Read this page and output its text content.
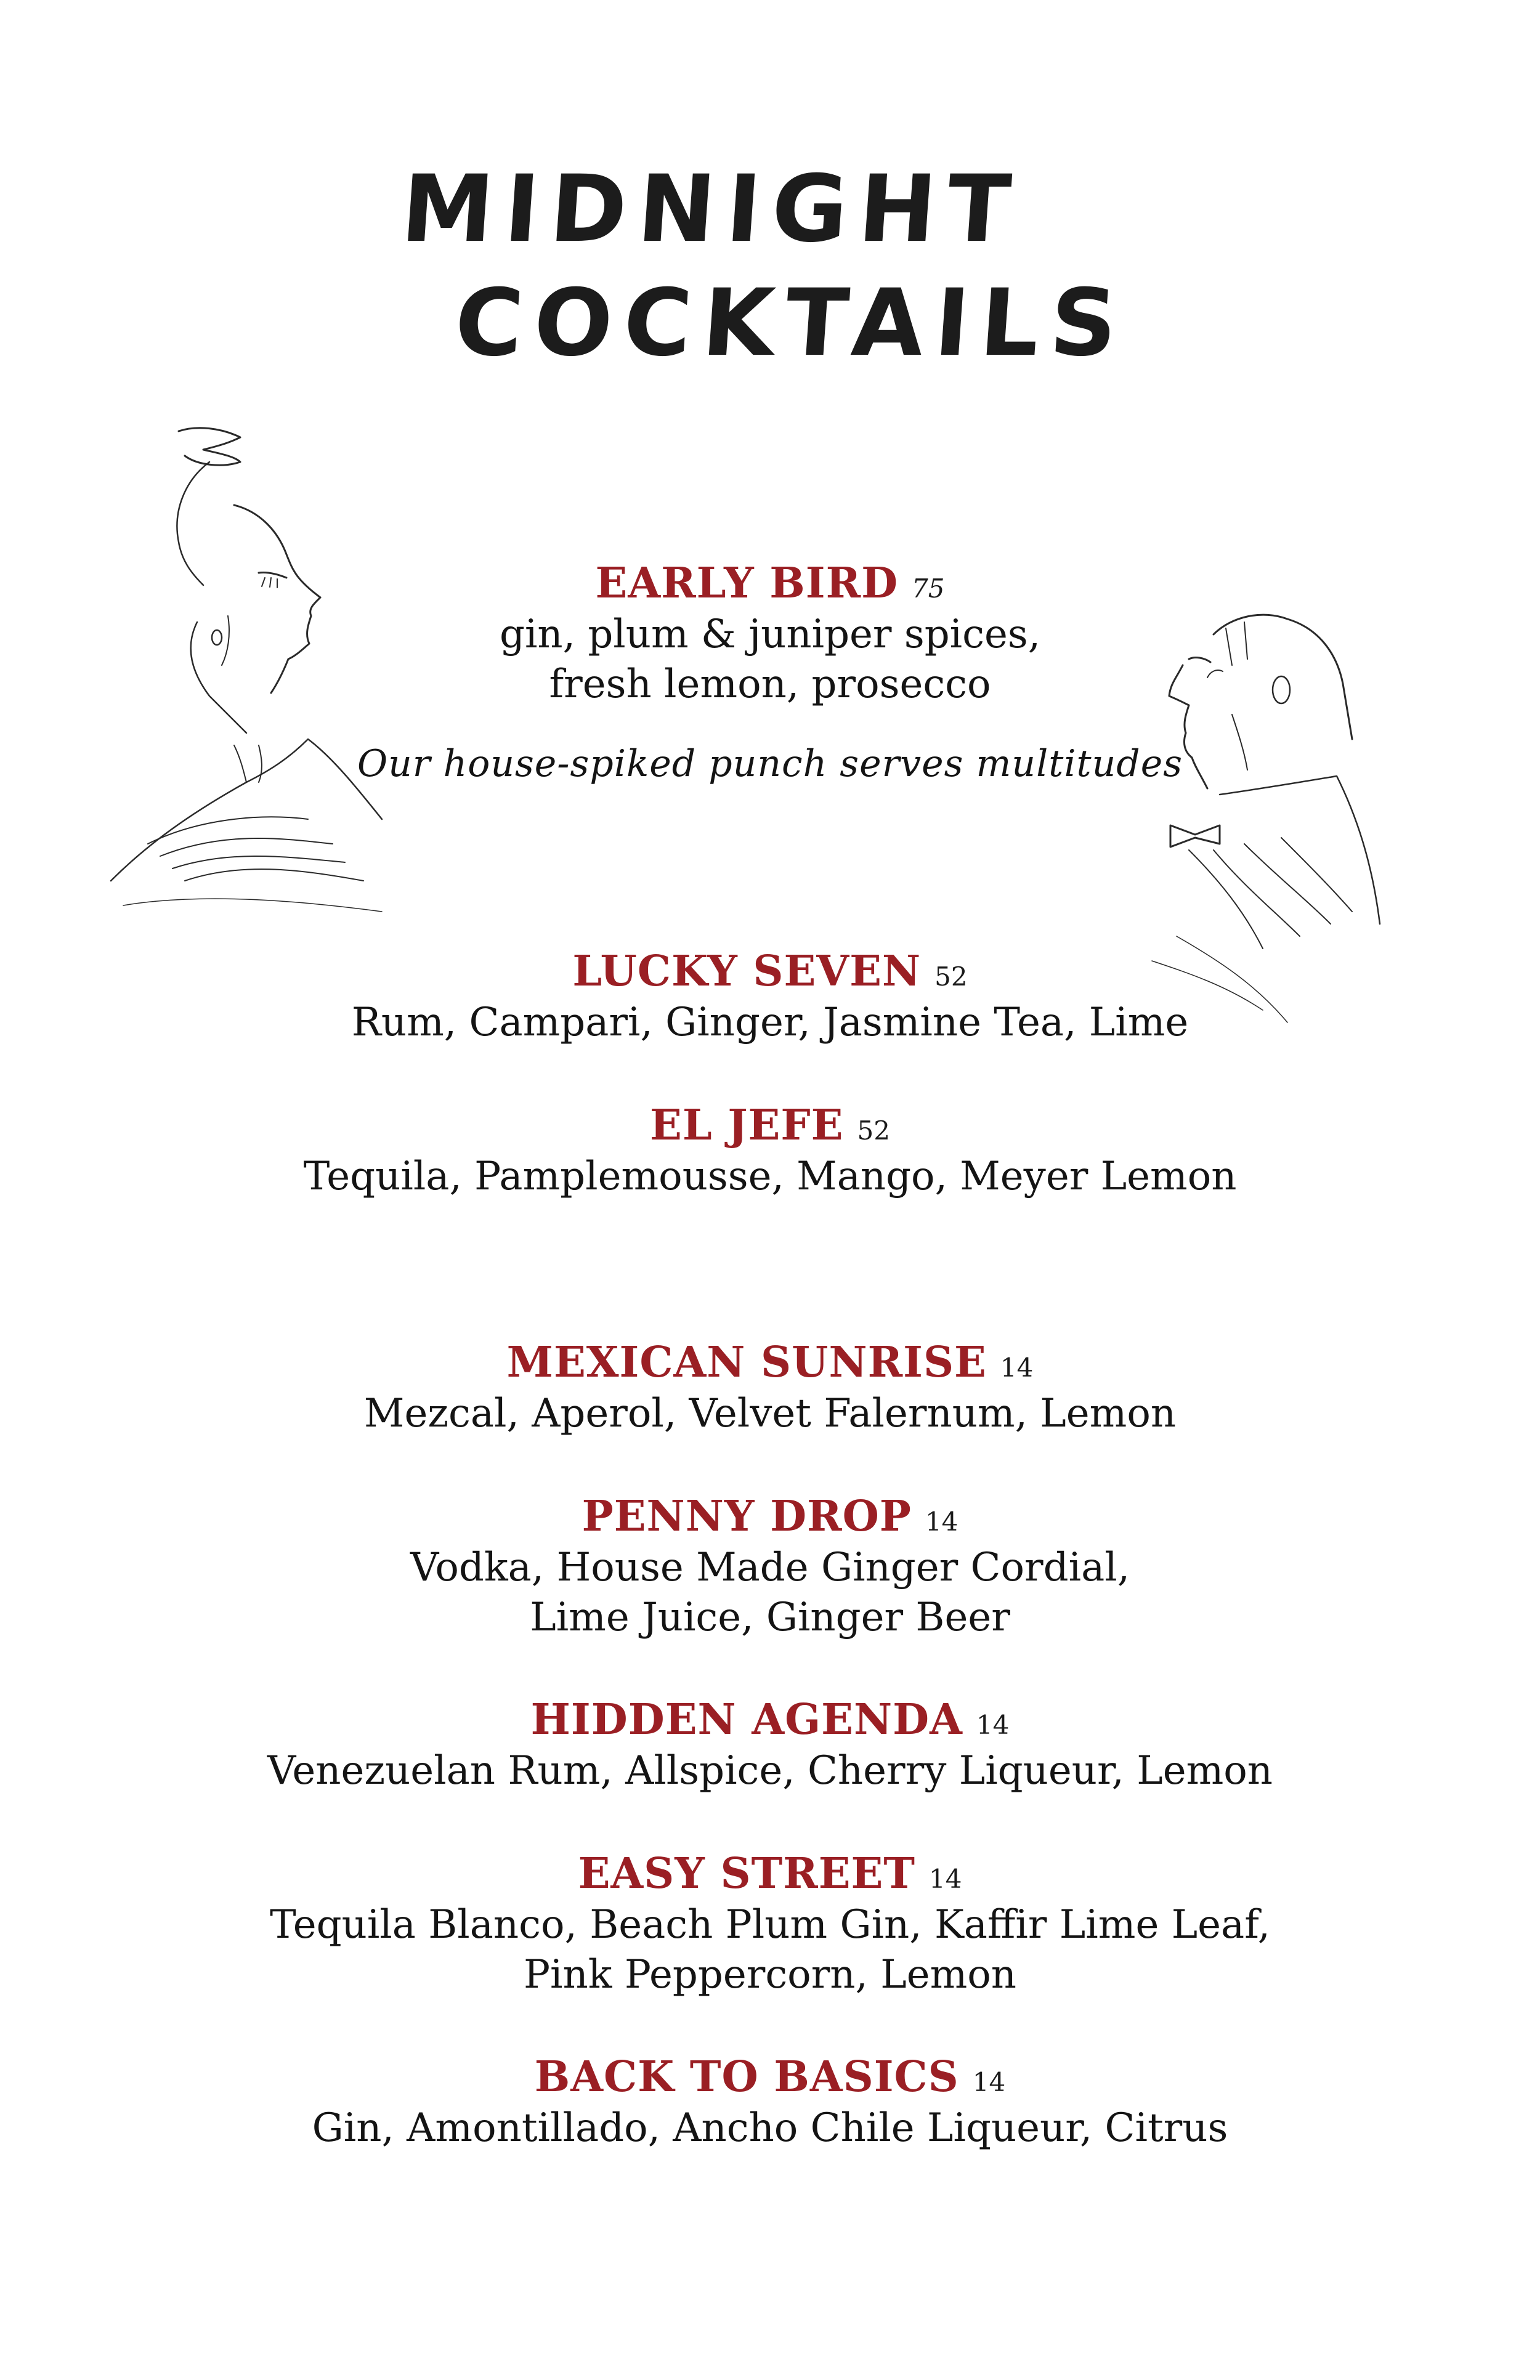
MIDNIGHT
COCKTAILS
EARLY BIRD 75
gin, plum & juniper spices,
fresh lemon, prosecco
Our house-spiked punch serves multitudes
LUCKY SEVEN 52
Rum, Campari, Ginger, Jasmine Tea, Lime
EL JEFE 52
Tequila, Pamplemousse, Mango, Meyer Lemon
MEXICAN SUNRISE 14
Mezcal, Aperol, Velvet Falernum, Lemon
PENNY DROP 14
Vodka, House Made Ginger Cordial,
Lime Juice, Ginger Beer
HIDDEN AGENDA 14
Venezuelan Rum, Allspice, Cherry Liqueur, Lemon
EASY STREET 14
Tequila Blanco, Beach Plum Gin, Kaffir Lime Leaf,
Pink Peppercorn, Lemon
BACK TO BASICS 14
Gin, Amontillado, Ancho Chile Liqueur, Citrus
